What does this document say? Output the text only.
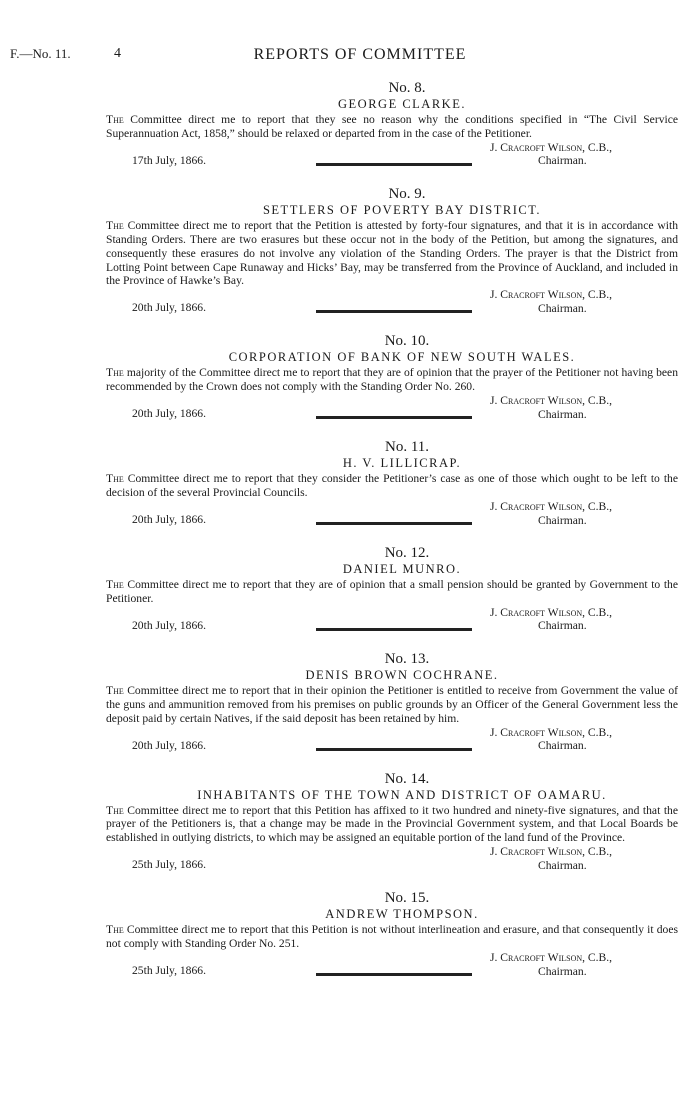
F.—No. 11.	4	REPORTS OF COMMITTEE
No. 8.
GEORGE CLARKE.
The Committee direct me to report that they see no reason why the conditions specified in “The Civil Service Superannuation Act, 1858,” should be relaxed or departed from in the case of the Petitioner.
J. Cracroft Wilson, C.B.,
Chairman.
17th July, 1866.
No. 9.
SETTLERS OF POVERTY BAY DISTRICT.
The Committee direct me to report that the Petition is attested by forty-four signatures, and that it is in accordance with Standing Orders. There are two erasures but these occur not in the body of the Petition, but among the signatures, and consequently these erasures do not involve any violation of the Standing Orders. The prayer is that the District from Lotting Point between Cape Runaway and Hicks’ Bay, may be transferred from the Province of Auckland, and included in the Province of Hawke’s Bay.
J. Cracroft Wilson, C.B.,
Chairman.
20th July, 1866.
No. 10.
CORPORATION OF BANK OF NEW SOUTH WALES.
The majority of the Committee direct me to report that they are of opinion that the prayer of the Petitioner not having been recommended by the Crown does not comply with the Standing Order No. 260.
J. Cracroft Wilson, C.B.,
Chairman.
20th July, 1866.
No. 11.
H. V. LILLICRAP.
The Committee direct me to report that they consider the Petitioner’s case as one of those which ought to be left to the decision of the several Provincial Councils.
J. Cracroft Wilson, C.B.,
Chairman.
20th July, 1866.
No. 12.
DANIEL MUNRO.
The Committee direct me to report that they are of opinion that a small pension should be granted by Government to the Petitioner.
J. Cracroft Wilson, C.B.,
Chairman.
20th July, 1866.
No. 13.
DENIS BROWN COCHRANE.
The Committee direct me to report that in their opinion the Petitioner is entitled to receive from Government the value of the guns and ammunition removed from his premises on public grounds by an Officer of the General Government less the deposit paid by certain Natives, if the said deposit has been retained by him.
J. Cracroft Wilson, C.B.,
Chairman.
20th July, 1866.
No. 14.
INHABITANTS OF THE TOWN AND DISTRICT OF OAMARU.
The Committee direct me to report that this Petition has affixed to it two hundred and ninety-five signatures, and that the prayer of the Petitioners is, that a change may be made in the Provincial Government system, and that Local Boards be established in outlying districts, to which may be assigned an equitable portion of the land fund of the Province.
J. Cracroft Wilson, C.B.,
Chairman.
25th July, 1866.
No. 15.
ANDREW THOMPSON.
The Committee direct me to report that this Petition is not without interlineation and erasure, and that consequently it does not comply with Standing Order No. 251.
J. Cracroft Wilson, C.B.,
Chairman.
25th July, 1866.
